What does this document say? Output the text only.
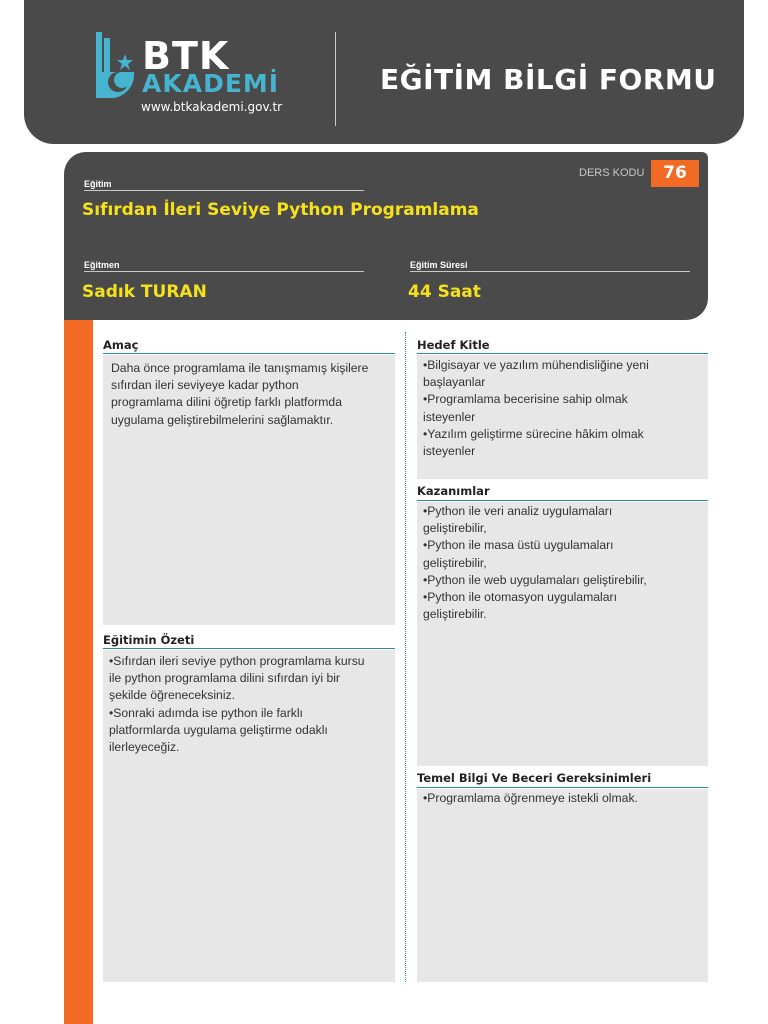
BTK
AKADEMİ
www.btkakademi.gov.tr
EĞİTİM BİLGİ FORMU
Eğitim
Sıfırdan İleri Seviye Python Programlama
DERS KODU	76
Eğitmen
Sadık TURAN
Eğitim Süresi
44 Saat
Amaç
Daha önce programlama ile tanışmamış kişilere
sıfırdan ileri seviyeye kadar python
programlama dilini öğretip farklı platformda
uygulama geliştirebilmelerini sağlamaktır.
Eğitimin Özeti
•Sıfırdan ileri seviye python programlama kursu
ile python programlama dilini sıfırdan iyi bir
şekilde öğreneceksiniz.
•Sonraki adımda ise python ile farklı
platformlarda uygulama geliştirme odaklı
ilerleyeceğiz.
Hedef Kitle
•Bilgisayar ve yazılım mühendisliğine yeni
başlayanlar
•Programlama becerisine sahip olmak
isteyenler
•Yazılım geliştirme sürecine hâkim olmak
isteyenler
Kazanımlar
•Python ile veri analiz uygulamaları
geliştirebilir,
•Python ile masa üstü uygulamaları
geliştirebilir,
•Python ile web uygulamaları geliştirebilir,
•Python ile otomasyon uygulamaları
geliştirebilir.
Temel Bilgi Ve Beceri Gereksinimleri
•Programlama öğrenmeye istekli olmak.
